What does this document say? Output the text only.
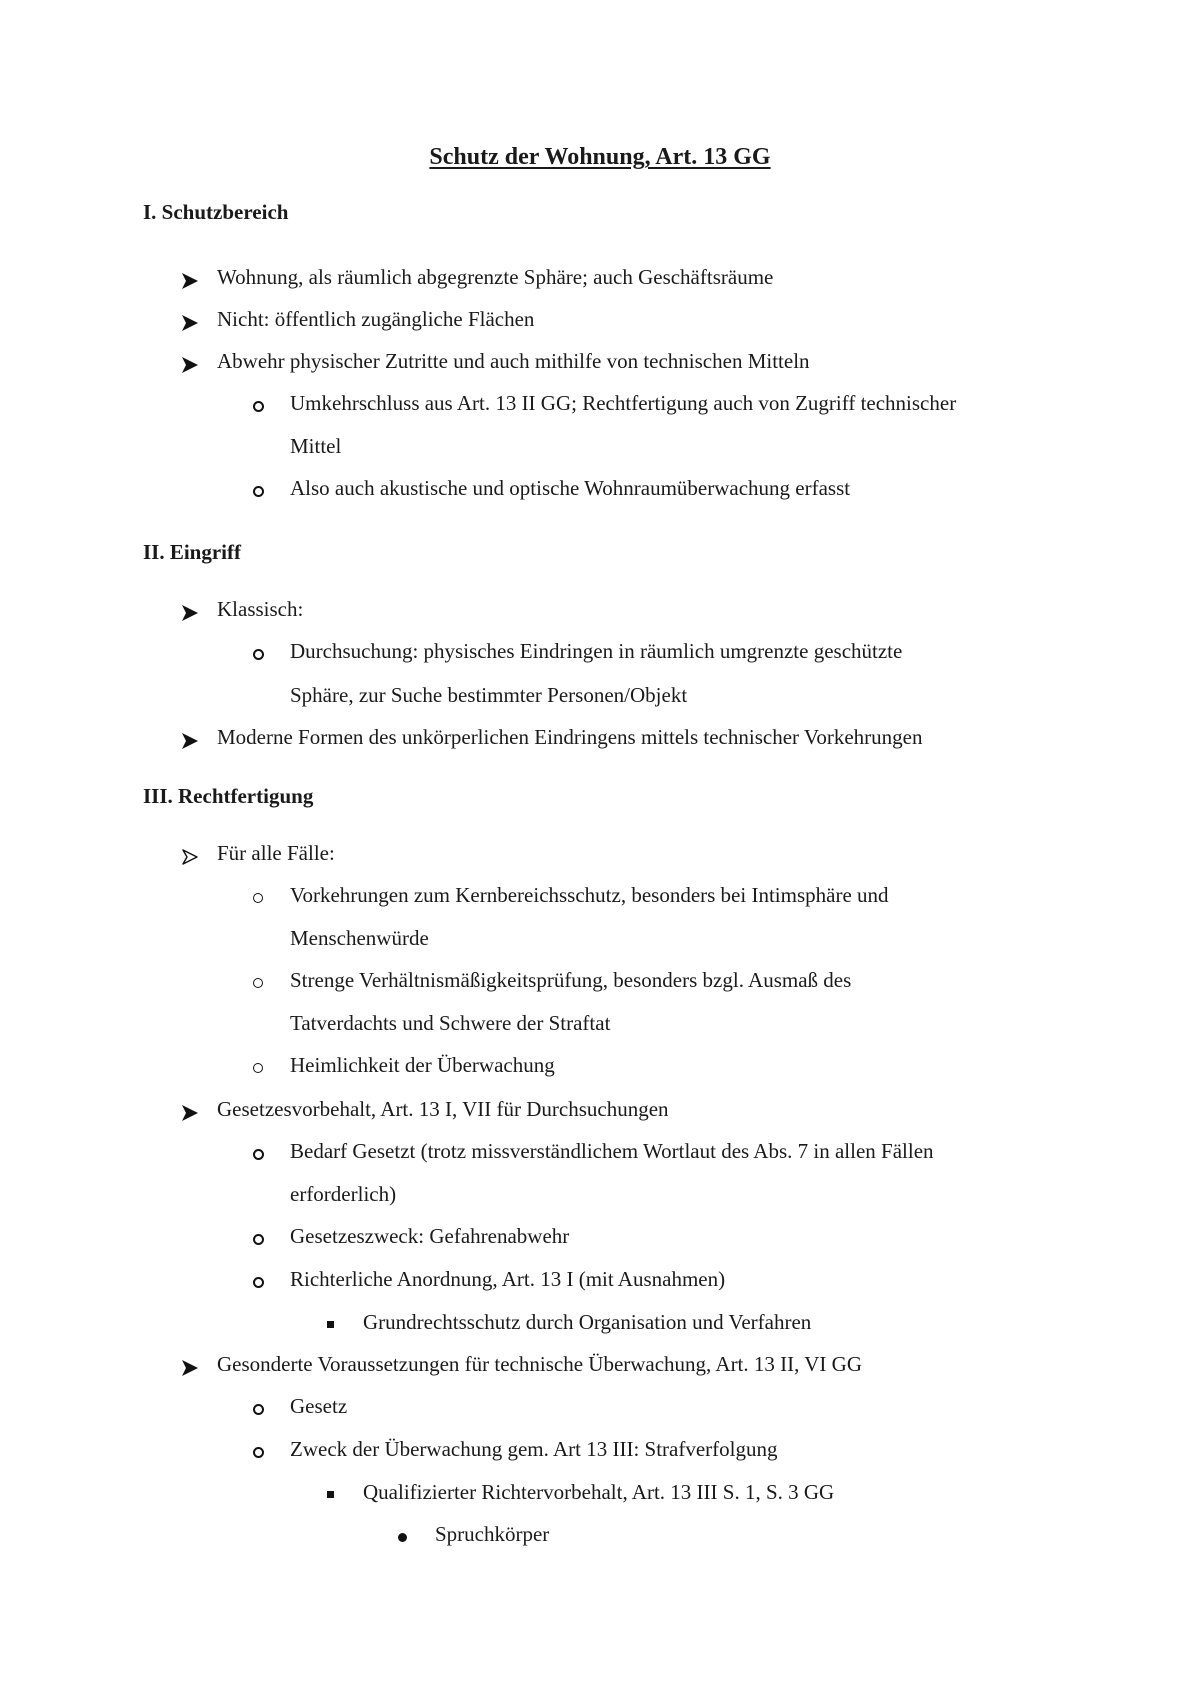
Schutz der Wohnung, Art. 13 GG
I. Schutzbereich
Wohnung, als räumlich abgegrenzte Sphäre; auch Geschäftsräume
Nicht: öffentlich zugängliche Flächen
Abwehr physischer Zutritte und auch mithilfe von technischen Mitteln
Umkehrschluss aus Art. 13 II GG; Rechtfertigung auch von Zugriff technischer
Mittel
Also auch akustische und optische Wohnraumüberwachung erfasst
II. Eingriff
Klassisch:
Durchsuchung: physisches Eindringen in räumlich umgrenzte geschützte
Sphäre, zur Suche bestimmter Personen/Objekt
Moderne Formen des unkörperlichen Eindringens mittels technischer Vorkehrungen
III. Rechtfertigung
Für alle Fälle:
Vorkehrungen zum Kernbereichsschutz, besonders bei Intimsphäre und
Menschenwürde
Strenge Verhältnismäßigkeitsprüfung, besonders bzgl. Ausmaß des
Tatverdachts und Schwere der Straftat
Heimlichkeit der Überwachung
Gesetzesvorbehalt, Art. 13 I, VII für Durchsuchungen
Bedarf Gesetzt (trotz missverständlichem Wortlaut des Abs. 7 in allen Fällen
erforderlich)
Gesetzeszweck: Gefahrenabwehr
Richterliche Anordnung, Art. 13 I (mit Ausnahmen)
Grundrechtsschutz durch Organisation und Verfahren
Gesonderte Voraussetzungen für technische Überwachung, Art. 13 II, VI GG
Gesetz
Zweck der Überwachung gem. Art 13 III: Strafverfolgung
Qualifizierter Richtervorbehalt, Art. 13 III S. 1, S. 3 GG
Spruchkörper
